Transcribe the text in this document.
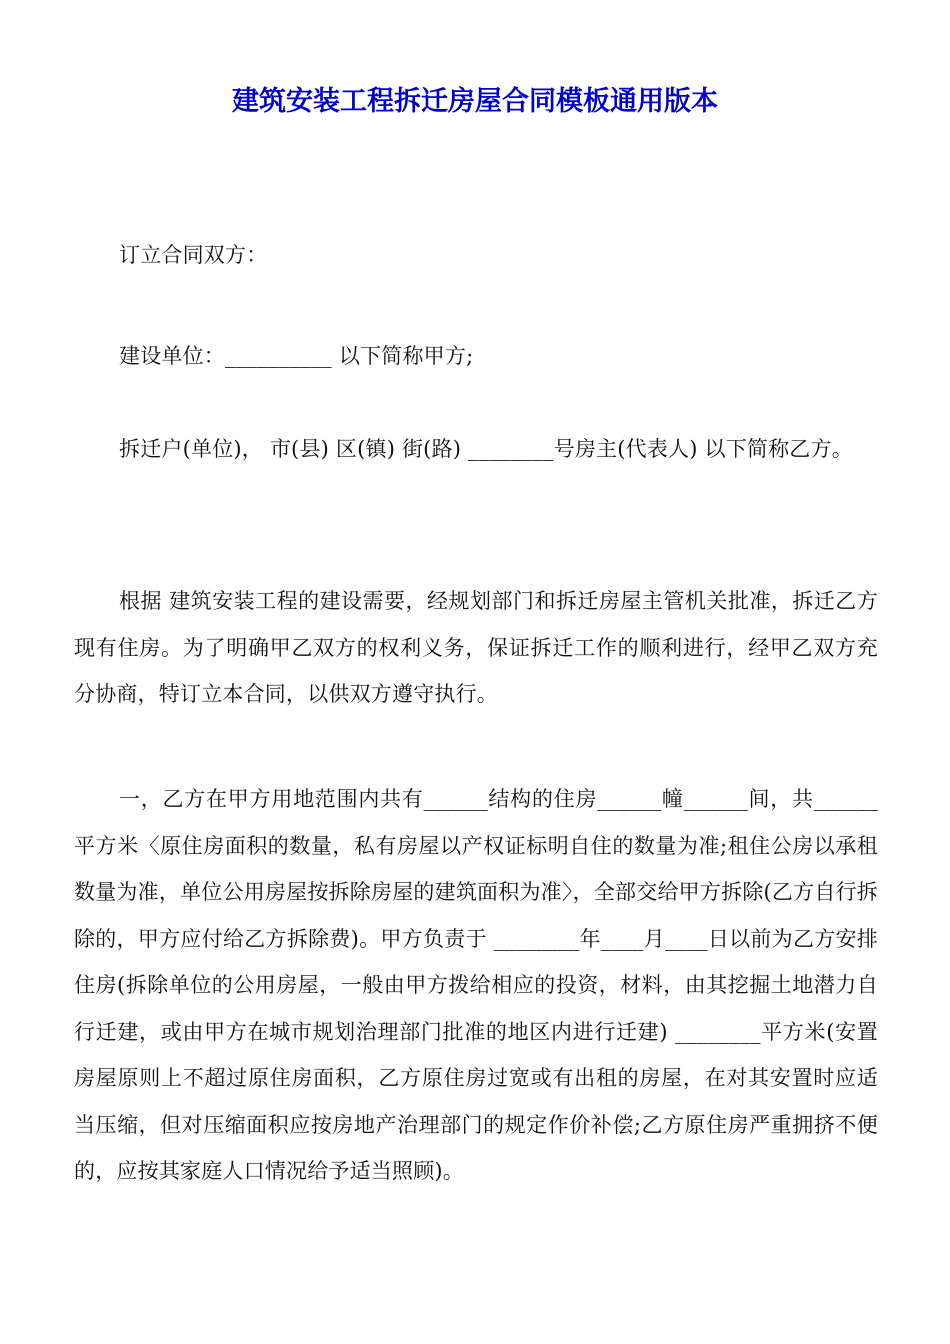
建筑安装工程拆迁房屋合同模板通用版本

订立合同双方：

建设单位：__________ 以下简称甲方;

拆迁户(单位)， 市(县) 区(镇) 街(路) ________号房主(代表人) 以下简称乙方。

根据 建筑安装工程的建设需要，经规划部门和拆迁房屋主管机关批准，拆迁乙方现有住房。为了明确甲乙双方的权利义务，保证拆迁工作的顺利进行，经甲乙双方充分协商，特订立本合同，以供双方遵守执行。

一，乙方在甲方用地范围内共有______结构的住房______幢______间，共______平方米〈原住房面积的数量，私有房屋以产权证标明自住的数量为准;租住公房以承租数量为准，单位公用房屋按拆除房屋的建筑面积为准〉，全部交给甲方拆除(乙方自行拆除的，甲方应付给乙方拆除费)。甲方负责于 ________年____月____日以前为乙方安排住房(拆除单位的公用房屋，一般由甲方拨给相应的投资，材料，由其挖掘土地潜力自行迁建，或由甲方在城市规划治理部门批准的地区内进行迁建) ________平方米(安置房屋原则上不超过原住房面积，乙方原住房过宽或有出租的房屋，在对其安置时应适当压缩，但对压缩面积应按房地产治理部门的规定作价补偿;乙方原住房严重拥挤不便的，应按其家庭人口情况给予适当照顾)。
